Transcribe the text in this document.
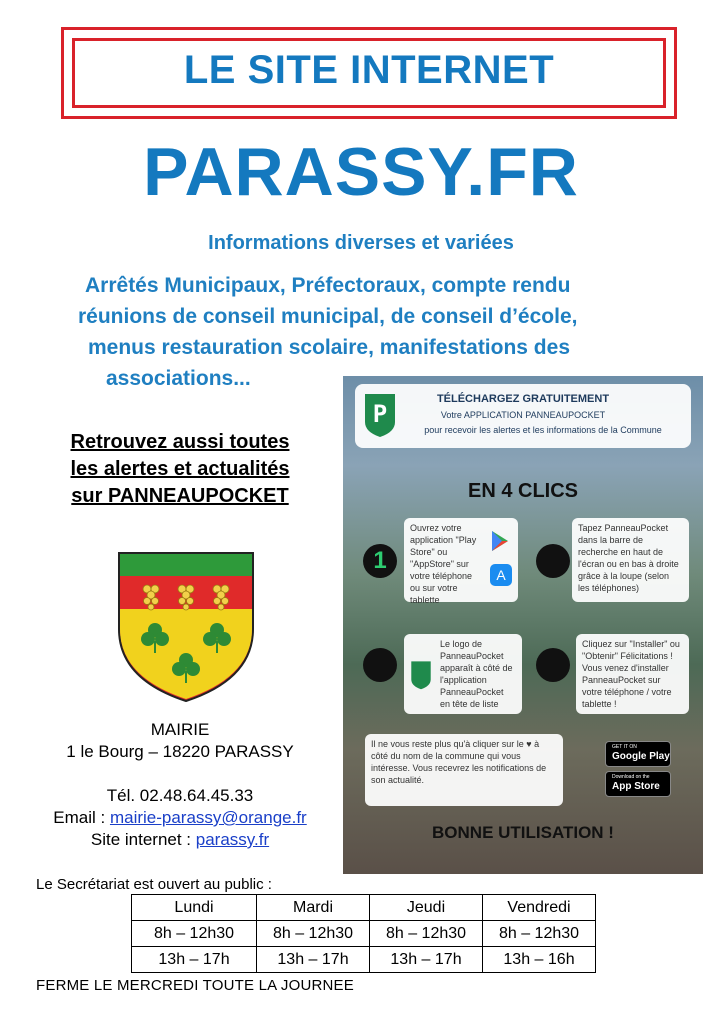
LE SITE INTERNET
PARASSY.FR
Informations diverses et variées
Arrêtés Municipaux, Préfectoraux, compte rendu
réunions de conseil municipal, de conseil d’école,
menus restauration scolaire, manifestations des
associations...
Retrouvez aussi toutes
les alertes et actualités
sur PANNEAUPOCKET
MAIRIE
1 le Bourg – 18220 PARASSY
Tél. 02.48.64.45.33
Email : mairie-parassy@orange.fr
Site internet : parassy.fr
P
TÉLÉCHARGEZ GRATUITEMENT
Votre APPLICATION PANNEAUPOCKET
pour recevoir les alertes et les informations de la Commune
EN 4 CLICS
1
Ouvrez votre application "Play Store" ou "AppStore" sur votre téléphone ou sur votre tablette
A
Tapez PanneauPocket dans la barre de recherche en haut de l'écran ou en bas à droite grâce à la loupe (selon les téléphones)
Le logo de PanneauPocket apparaît à côté de l'application PanneauPocket en tête de liste
Cliquez sur "Installer" ou "Obtenir" Félicitations ! Vous venez d'installer PanneauPocket sur votre téléphone / votre tablette !
Il ne vous reste plus qu'à cliquer sur le ♥ à côté du nom de la commune qui vous intéresse. Vous recevrez les notifications de son actualité.
GET IT ON
Google Play
Download on the
App Store
BONNE UTILISATION !
Le Secrétariat est ouvert au public :
Lundi	Mardi	Jeudi	Vendredi
8h – 12h30	8h – 12h30	8h – 12h30	8h – 12h30
13h – 17h	13h – 17h	13h – 17h	13h – 16h
FERME LE MERCREDI TOUTE LA JOURNEE
